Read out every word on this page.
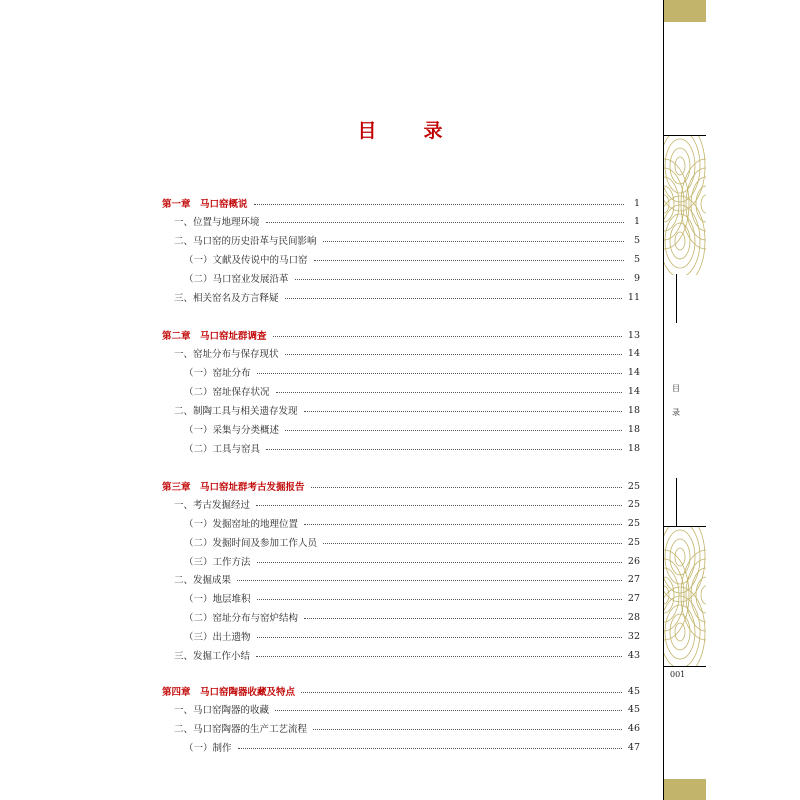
目　录
第一章　马口窑概说	1
一、位置与地理环境	1
二、马口窑的历史沿革与民间影响	5
（一）文献及传说中的马口窑	5
（二）马口窑业发展沿革	9
三、相关窑名及方言释疑	11
第二章　马口窑址群调查	13
一、窑址分布与保存现状	14
（一）窑址分布	14
（二）窑址保存状况	14
二、制陶工具与相关遗存发现	18
（一）采集与分类概述	18
（二）工具与窑具	18
第三章　马口窑址群考古发掘报告	25
一、考古发掘经过	25
（一）发掘窑址的地理位置	25
（二）发掘时间及参加工作人员	25
（三）工作方法	26
二、发掘成果	27
（一）地层堆积	27
（二）窑址分布与窑炉结构	28
（三）出土遗物	32
三、发掘工作小结	43
第四章　马口窑陶器收藏及特点	45
一、马口窑陶器的收藏	45
二、马口窑陶器的生产工艺流程	46
（一）制作	47
目
录
001
